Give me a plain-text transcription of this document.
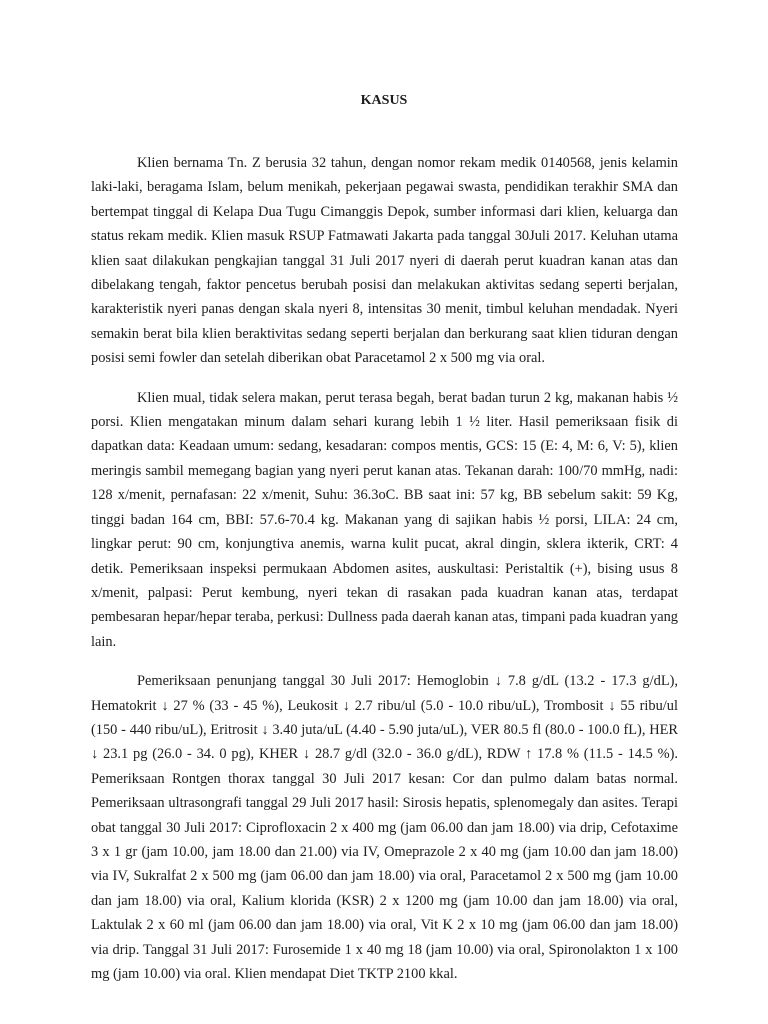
KASUS

Klien bernama Tn. Z berusia 32 tahun, dengan nomor rekam medik 0140568, jenis kelamin laki-laki, beragama Islam, belum menikah, pekerjaan pegawai swasta, pendidikan terakhir SMA dan bertempat tinggal di Kelapa Dua Tugu Cimanggis Depok, sumber informasi dari klien, keluarga dan status rekam medik. Klien masuk RSUP Fatmawati Jakarta pada tanggal 30Juli 2017. Keluhan utama klien saat dilakukan pengkajian tanggal 31 Juli 2017 nyeri di daerah perut kuadran kanan atas dan dibelakang tengah, faktor pencetus berubah posisi dan melakukan aktivitas sedang seperti berjalan, karakteristik nyeri panas dengan skala nyeri 8, intensitas 30 menit, timbul keluhan mendadak. Nyeri semakin berat bila klien beraktivitas sedang seperti berjalan dan berkurang saat klien tiduran dengan posisi semi fowler dan setelah diberikan obat Paracetamol 2 x 500 mg via oral.

Klien mual, tidak selera makan, perut terasa begah, berat badan turun 2 kg, makanan habis ½ porsi. Klien mengatakan minum dalam sehari kurang lebih 1 ½ liter. Hasil pemeriksaan fisik di dapatkan data: Keadaan umum: sedang, kesadaran: compos mentis, GCS: 15 (E: 4, M: 6, V: 5), klien meringis sambil memegang bagian yang nyeri perut kanan atas. Tekanan darah: 100/70 mmHg, nadi: 128 x/menit, pernafasan: 22 x/menit, Suhu: 36.3oC. BB saat ini: 57 kg, BB sebelum sakit: 59 Kg, tinggi badan 164 cm, BBI: 57.6-70.4 kg. Makanan yang di sajikan habis ½ porsi, LILA: 24 cm, lingkar perut: 90 cm, konjungtiva anemis, warna kulit pucat, akral dingin, sklera ikterik, CRT: 4 detik. Pemeriksaan inspeksi permukaan Abdomen asites, auskultasi: Peristaltik (+), bising usus 8 x/menit, palpasi: Perut kembung, nyeri tekan di rasakan pada kuadran kanan atas, terdapat pembesaran hepar/hepar teraba, perkusi: Dullness pada daerah kanan atas, timpani pada kuadran yang lain.

Pemeriksaan penunjang tanggal 30 Juli 2017: Hemoglobin ↓ 7.8 g/dL (13.2 - 17.3 g/dL), Hematokrit ↓ 27 % (33 - 45 %), Leukosit ↓ 2.7 ribu/ul (5.0 - 10.0 ribu/uL), Trombosit ↓ 55 ribu/ul (150 - 440 ribu/uL), Eritrosit ↓ 3.40 juta/uL (4.40 - 5.90 juta/uL), VER 80.5 fl (80.0 - 100.0 fL), HER ↓ 23.1 pg (26.0 - 34. 0 pg), KHER ↓ 28.7 g/dl (32.0 - 36.0 g/dL), RDW ↑ 17.8 % (11.5 - 14.5 %). Pemeriksaan Rontgen thorax tanggal 30 Juli 2017 kesan: Cor dan pulmo dalam batas normal. Pemeriksaan ultrasongrafi tanggal 29 Juli 2017 hasil: Sirosis hepatis, splenomegaly dan asites. Terapi obat tanggal 30 Juli 2017: Ciprofloxacin 2 x 400 mg (jam 06.00 dan jam 18.00) via drip, Cefotaxime 3 x 1 gr (jam 10.00, jam 18.00 dan 21.00) via IV, Omeprazole 2 x 40 mg (jam 10.00 dan jam 18.00) via IV, Sukralfat 2 x 500 mg (jam 06.00 dan jam 18.00) via oral, Paracetamol 2 x 500 mg (jam 10.00 dan jam 18.00) via oral, Kalium klorida (KSR) 2 x 1200 mg (jam 10.00 dan jam 18.00) via oral, Laktulak 2 x 60 ml (jam 06.00 dan jam 18.00) via oral, Vit K 2 x 10 mg (jam 06.00 dan jam 18.00) via drip. Tanggal 31 Juli 2017: Furosemide 1 x 40 mg 18 (jam 10.00) via oral, Spironolakton 1 x 100 mg (jam 10.00) via oral. Klien mendapat Diet TKTP 2100 kkal.
